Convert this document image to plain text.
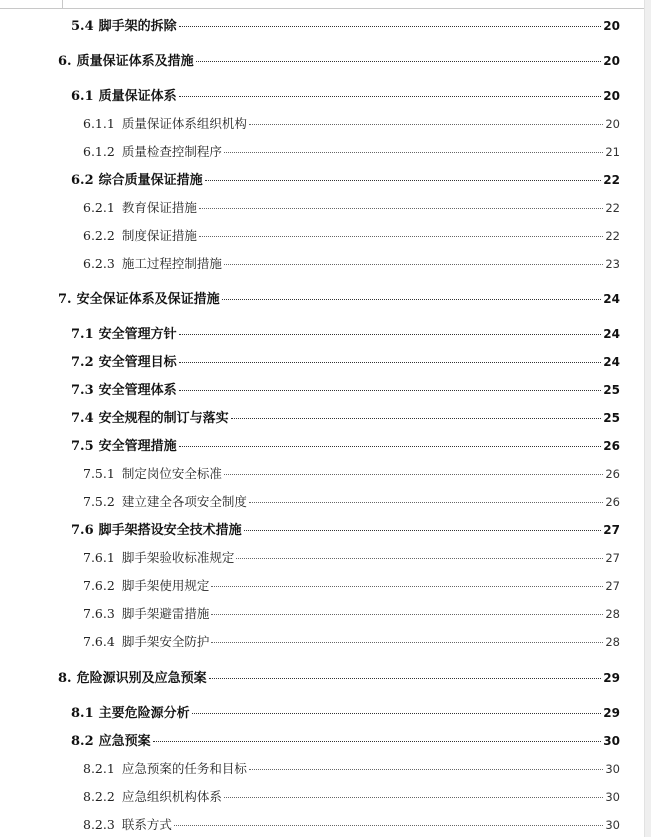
5.4 脚手架的拆除	20
6. 质量保证体系及措施	20
6.1 质量保证体系	20
6.1.1 质量保证体系组织机构	20
6.1.2 质量检查控制程序	21
6.2 综合质量保证措施	22
6.2.1 教育保证措施	22
6.2.2 制度保证措施	22
6.2.3 施工过程控制措施	23
7. 安全保证体系及保证措施	24
7.1 安全管理方针	24
7.2 安全管理目标	24
7.3 安全管理体系	25
7.4 安全规程的制订与落实	25
7.5 安全管理措施	26
7.5.1 制定岗位安全标准	26
7.5.2 建立建全各项安全制度	26
7.6 脚手架搭设安全技术措施	27
7.6.1 脚手架验收标准规定	27
7.6.2 脚手架使用规定	27
7.6.3 脚手架避雷措施	28
7.6.4 脚手架安全防护	28
8. 危险源识别及应急预案	29
8.1 主要危险源分析	29
8.2 应急预案	30
8.2.1 应急预案的任务和目标	30
8.2.2 应急组织机构体系	30
8.2.3 联系方式	30
